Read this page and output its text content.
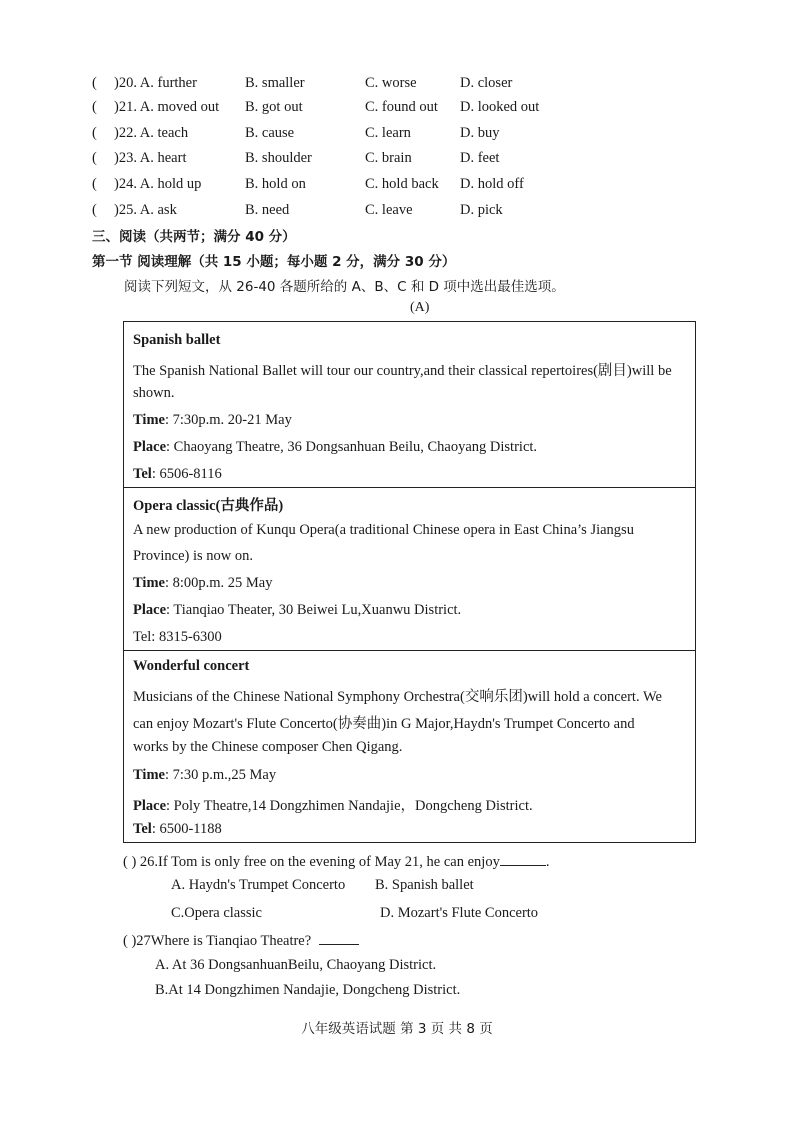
( )20. A. further	B. smaller	C. worse	D. closer
( )21. A. moved out B. got out	C. found out D. looked out
( )22. A. teach	B. cause	C. learn	D. buy
( )23. A. heart	B. shoulder	C. brain	D. feet
( )24. A. hold up	B. hold on	C. hold back D. hold off
( )25. A. ask	B. need	C. leave	D. pick
三、阅读（共两节；满分 40 分）
第一节 阅读理解（共 15 小题；每小题 2 分，满分 30 分）
阅读下列短文，从 26-40 各题所给的 A、B、C 和 D 项中选出最佳选项。
(A)
Spanish ballet
The Spanish National Ballet will tour our country,and their classical repertoires(剧目)will be
shown.
Time: 7:30p.m. 20-21 May
Place: Chaoyang Theatre, 36 Dongsanhuan Beilu, Chaoyang District.
Tel: 6506-8116
Opera classic(古典作品)
A new production of Kunqu Opera(a traditional Chinese opera in East China’s Jiangsu
Province) is now on.
Time: 8:00p.m. 25 May
Place: Tianqiao Theater, 30 Beiwei Lu,Xuanwu District.
Tel: 8315-6300
Wonderful concert
Musicians of the Chinese National Symphony Orchestra(交响乐团)will hold a concert. We
can enjoy Mozart's Flute Concerto(协奏曲)in G Major,Haydn's Trumpet Concerto and
works by the Chinese composer Chen Qigang.
Time: 7:30 p.m.,25 May
Place: Poly Theatre,14 Dongzhimen Nandajie，Dongcheng District.
Tel: 6500-1188
( ) 26.If Tom is only free on the evening of May 21, he can enjoy	.
A. Haydn's Trumpet Concerto B. Spanish ballet
C.Opera classic	D. Mozart's Flute Concerto
( )27Where is Tianqiao Theatre?
A. At 36 DongsanhuanBeilu, Chaoyang District.
B.At 14 Dongzhimen Nandajie, Dongcheng District.
八年级英语试题 第 3 页 共 8 页
